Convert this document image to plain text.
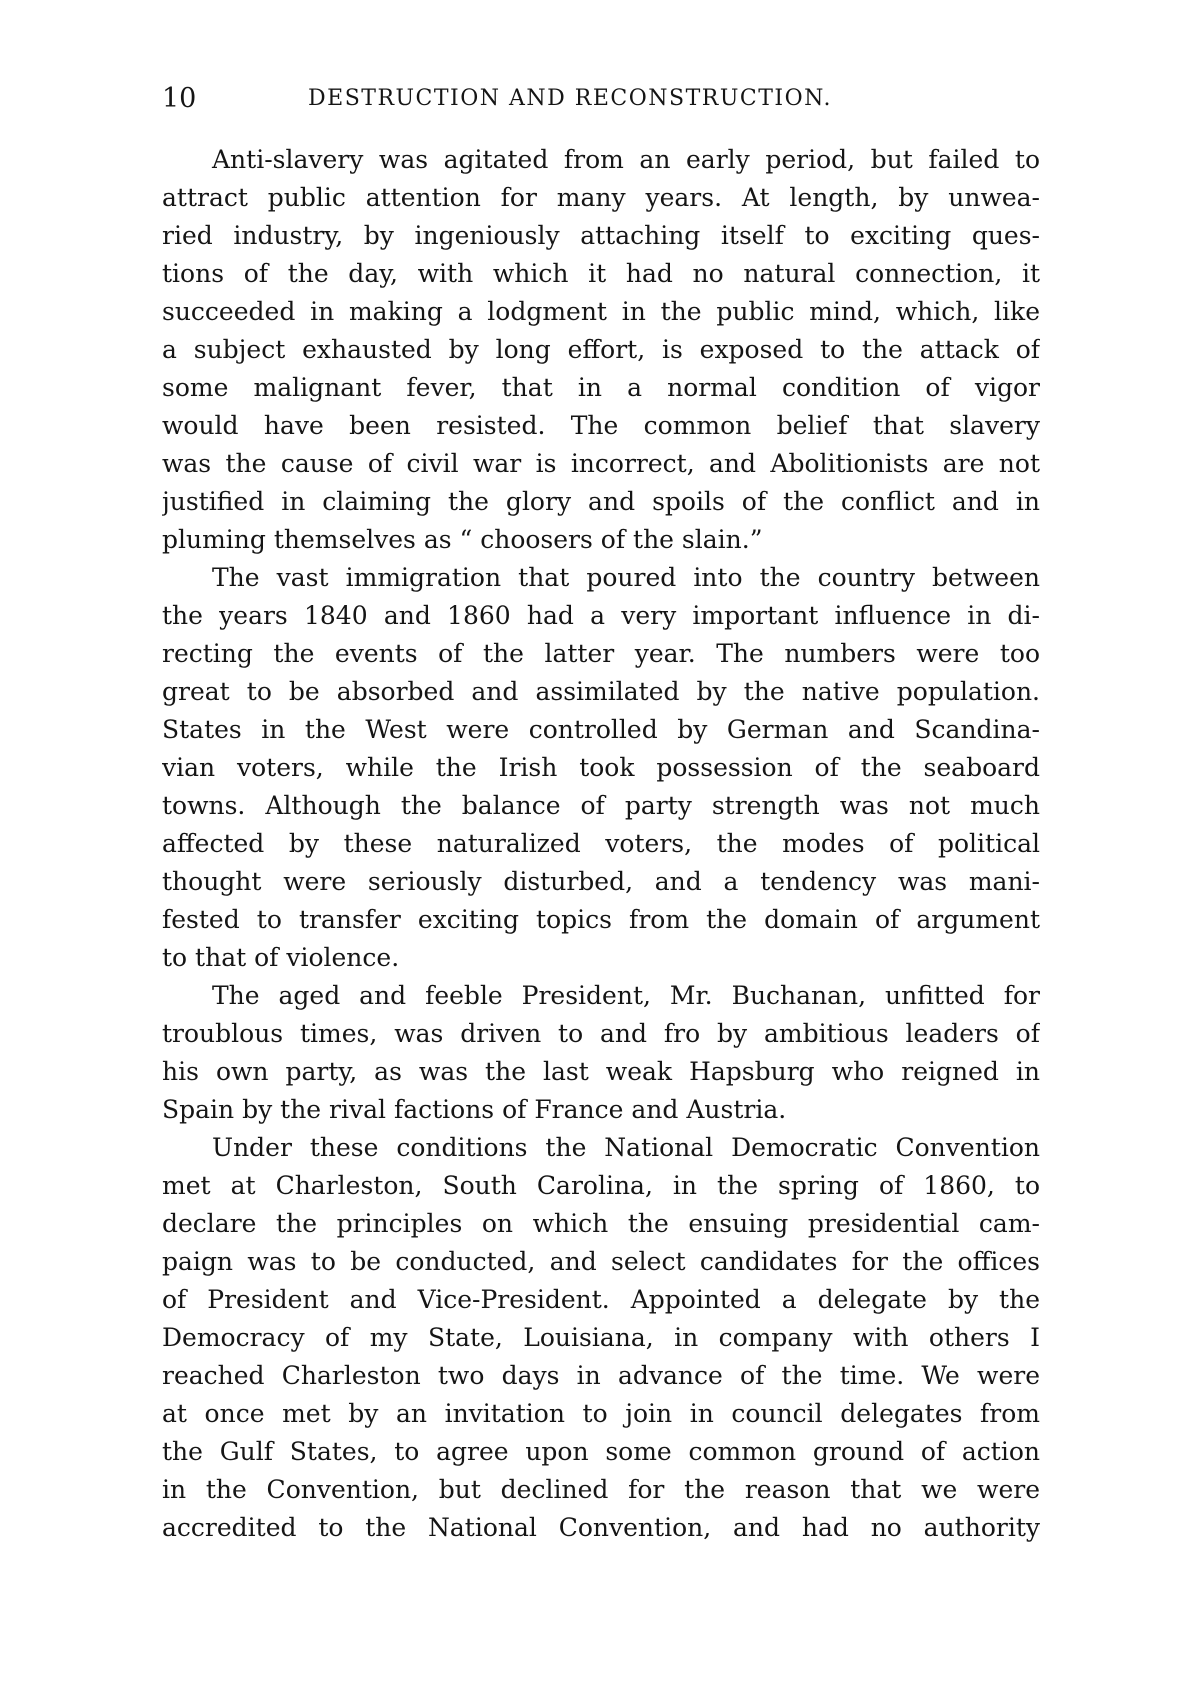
10	DESTRUCTION AND RECONSTRUCTION.
Anti-slavery was agitated from an early period, but failed to
attract public attention for many years. At length, by unwea-
ried industry, by ingeniously attaching itself to exciting ques-
tions of the day, with which it had no natural connection, it
succeeded in making a lodgment in the public mind, which, like
a subject exhausted by long effort, is exposed to the attack of
some malignant fever, that in a normal condition of vigor
would have been resisted. The common belief that slavery
was the cause of civil war is incorrect, and Abolitionists are not
justified in claiming the glory and spoils of the conflict and in
pluming themselves as “ choosers of the slain.”
The vast immigration that poured into the country between
the years 1840 and 1860 had a very important influence in di-
recting the events of the latter year. The numbers were too
great to be absorbed and assimilated by the native population.
States in the West were controlled by German and Scandina-
vian voters, while the Irish took possession of the seaboard
towns. Although the balance of party strength was not much
affected by these naturalized voters, the modes of political
thought were seriously disturbed, and a tendency was mani-
fested to transfer exciting topics from the domain of argument
to that of violence.
The aged and feeble President, Mr. Buchanan, unfitted for
troublous times, was driven to and fro by ambitious leaders of
his own party, as was the last weak Hapsburg who reigned in
Spain by the rival factions of France and Austria.
Under these conditions the National Democratic Convention
met at Charleston, South Carolina, in the spring of 1860, to
declare the principles on which the ensuing presidential cam-
paign was to be conducted, and select candidates for the offices
of President and Vice-President. Appointed a delegate by the
Democracy of my State, Louisiana, in company with others I
reached Charleston two days in advance of the time. We were
at once met by an invitation to join in council delegates from
the Gulf States, to agree upon some common ground of action
in the Convention, but declined for the reason that we were
accredited to the National Convention, and had no authority
